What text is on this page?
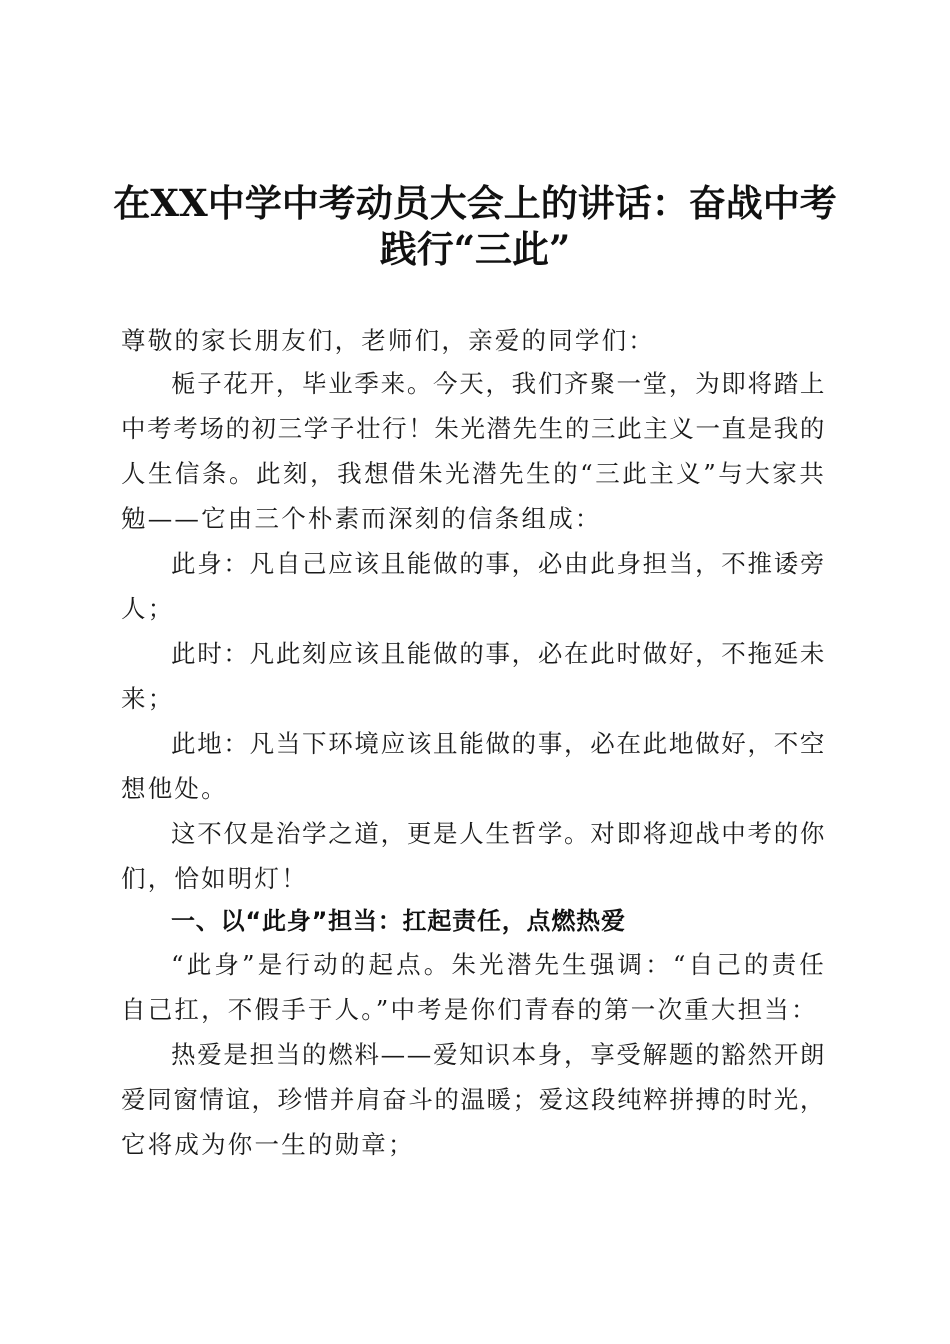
在XX中学中考动员大会上的讲话：奋战中考
践行“三此”
尊敬的家长朋友们，老师们，亲爱的同学们：
栀子花开，毕业季来。今天，我们齐聚一堂，为即将踏上
中考考场的初三学子壮行！朱光潜先生的三此主义一直是我的
人生信条。此刻，我想借朱光潜先生的“三此主义”与大家共
勉——它由三个朴素而深刻的信条组成：
此身：凡自己应该且能做的事，必由此身担当，不推诿旁
人；
此时：凡此刻应该且能做的事，必在此时做好，不拖延未
来；
此地：凡当下环境应该且能做的事，必在此地做好，不空
想他处。
这不仅是治学之道，更是人生哲学。对即将迎战中考的你
们，恰如明灯！
一、以“此身”担当：扛起责任，点燃热爱
“此身”是行动的起点。朱光潜先生强调：“自己的责任
自己扛，不假手于人。”中考是你们青春的第一次重大担当：
热爱是担当的燃料——爱知识本身，享受解题的豁然开朗
爱同窗情谊，珍惜并肩奋斗的温暖；爱这段纯粹拼搏的时光，
它将成为你一生的勋章；
